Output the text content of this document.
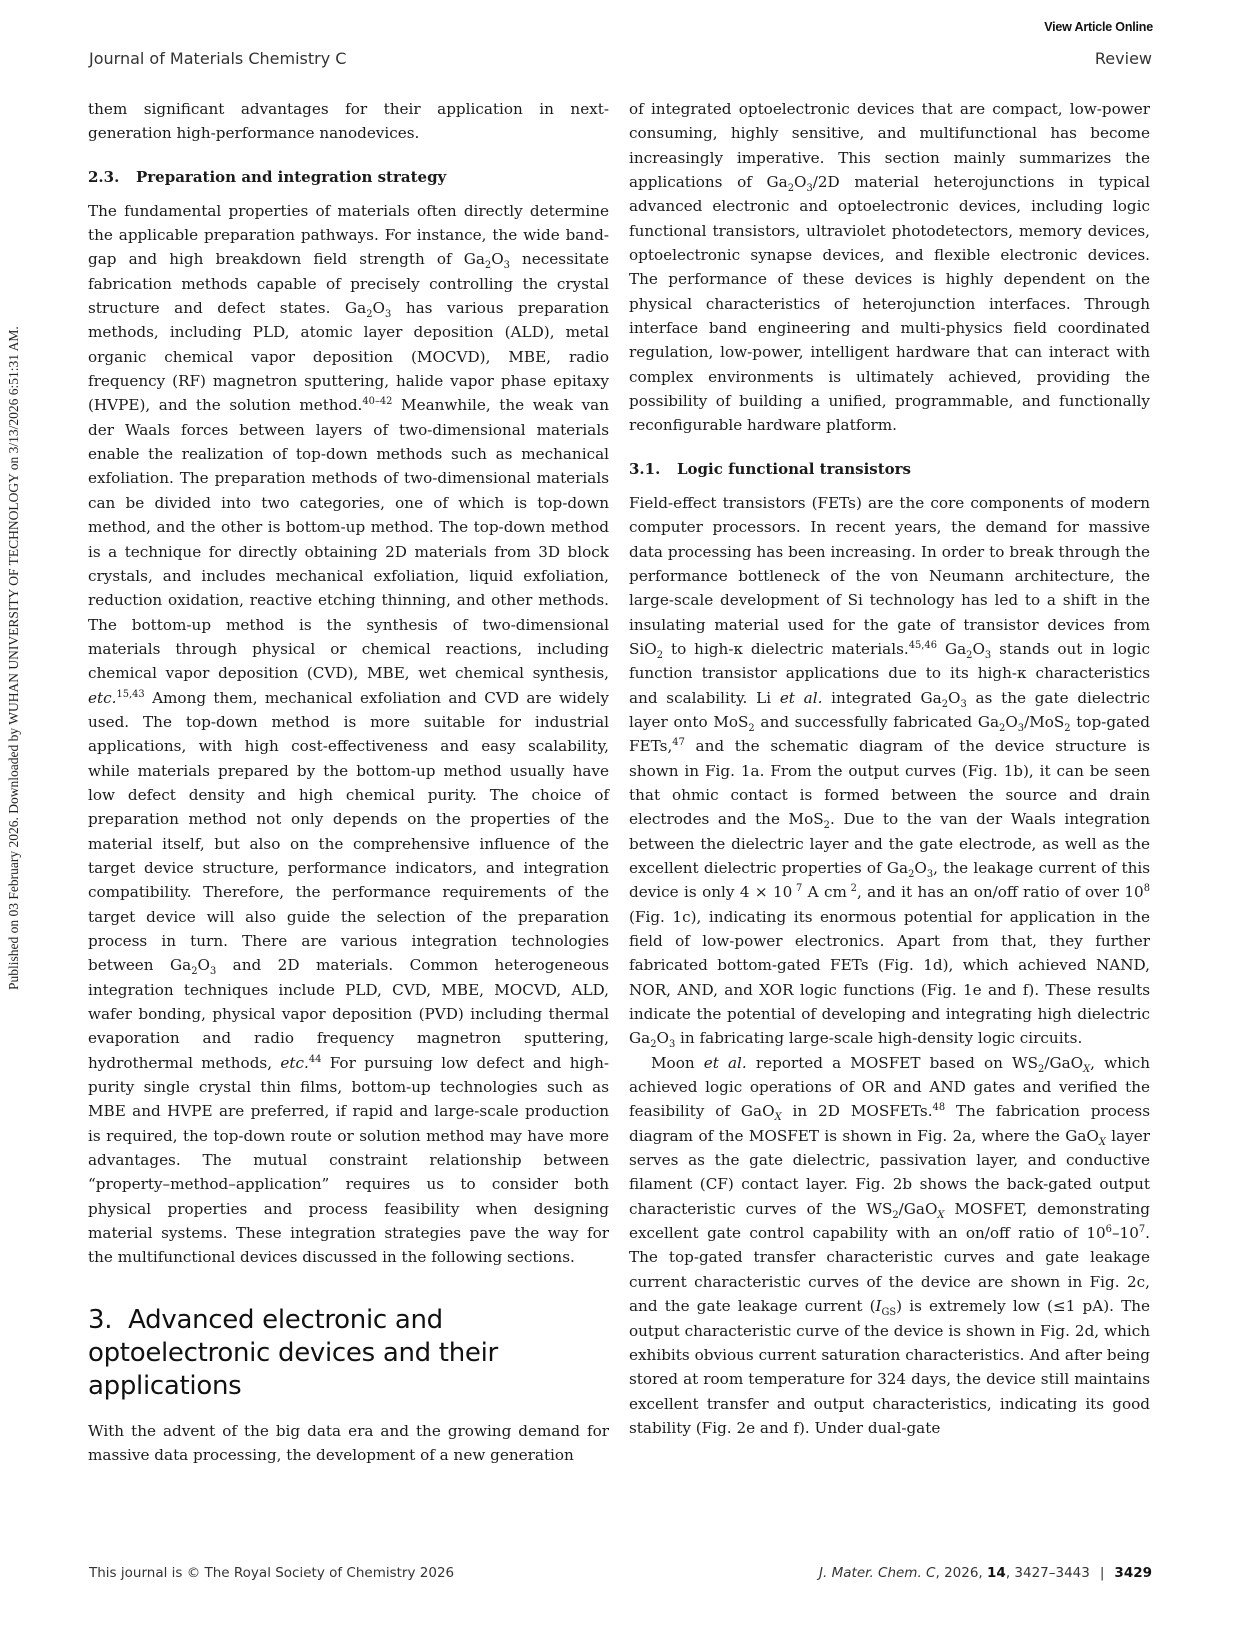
View Article Online
Journal of Materials Chemistry C	Review
Published on 03 February 2026. Downloaded by WUHAN UNIVERSITY OF TECHNOLOGY on 3/13/2026 6:51:31 AM.

them significant advantages for their application in next-generation high-performance nanodevices.

2.3. Preparation and integration strategy

The fundamental properties of materials often directly determine the applicable preparation pathways. For instance, the wide band-gap and high breakdown field strength of $Ga_2O_3$ necessitate fabrication methods capable of precisely controlling the crystal structure and defect states. $Ga_2O_3$ has various preparation methods, including PLD, atomic layer deposition (ALD), metal organic chemical vapor deposition (MOCVD), MBE, radio frequency (RF) magnetron sputtering, halide vapor phase epitaxy (HVPE), and the solution method.$^{40-42}$ Meanwhile, the weak van der Waals forces between layers of two-dimensional materials enable the realization of top-down methods such as mechanical exfoliation. The preparation methods of two-dimensional materials can be divided into two categories, one of which is top-down method, and the other is bottom-up method. The top-down method is a technique for directly obtaining 2D materials from 3D block crystals, and includes mechanical exfoliation, liquid exfoliation, reduction oxidation, reactive etching thinning, and other methods. The bottom-up method is the synthesis of two-dimensional materials through physical or chemical reactions, including chemical vapor deposition (CVD), MBE, wet chemical synthesis, etc.$^{15,43}$ Among them, mechanical exfoliation and CVD are widely used. The top-down method is more suitable for industrial applications, with high cost-effectiveness and easy scalability, while materials prepared by the bottom-up method usually have low defect density and high chemical purity. The choice of preparation method not only depends on the properties of the material itself, but also on the comprehensive influence of the target device structure, performance indicators, and integration compatibility. Therefore, the performance requirements of the target device will also guide the selection of the preparation process in turn. There are various integration technologies between $Ga_2O_3$ and 2D materials. Common heterogeneous integration techniques include PLD, CVD, MBE, MOCVD, ALD, wafer bonding, physical vapor deposition (PVD) including thermal evaporation and radio frequency magnetron sputtering, hydrothermal methods, etc.$^{44}$ For pursuing low defect and high-purity single crystal thin films, bottom-up technologies such as MBE and HVPE are preferred, if rapid and large-scale production is required, the top-down route or solution method may have more advantages. The mutual constraint relationship between “property–method–application” requires us to consider both physical properties and process feasibility when designing material systems. These integration strategies pave the way for the multifunctional devices discussed in the following sections.

3. Advanced electronic and optoelectronic devices and their applications

With the advent of the big data era and the growing demand for massive data processing, the development of a new generation

of integrated optoelectronic devices that are compact, low-power consuming, highly sensitive, and multifunctional has become increasingly imperative. This section mainly summarizes the applications of $Ga_2O_3/2D$ material heterojunctions in typical advanced electronic and optoelectronic devices, including logic functional transistors, ultraviolet photodetectors, memory devices, optoelectronic synapse devices, and flexible electronic devices. The performance of these devices is highly dependent on the physical characteristics of heterojunction interfaces. Through interface band engineering and multi-physics field coordinated regulation, low-power, intelligent hardware that can interact with complex environments is ultimately achieved, providing the possibility of building a unified, programmable, and functionally reconfigurable hardware platform.

3.1. Logic functional transistors

Field-effect transistors (FETs) are the core components of modern computer processors. In recent years, the demand for massive data processing has been increasing. In order to break through the performance bottleneck of the von Neumann architecture, the large-scale development of Si technology has led to a shift in the insulating material used for the gate of transistor devices from SiO$_2$ to high-κ dielectric materials.$^{45,46}$ $Ga_2O_3$ stands out in logic function transistor applications due to its high-κ characteristics and scalability. Li et al. integrated $Ga_2O_3$ as the gate dielectric layer onto MoS$_2$ and successfully fabricated $Ga_2O_3/MoS_2$ top-gated FETs,$^{47}$ and the schematic diagram of the device structure is shown in Fig. 1a. From the output curves (Fig. 1b), it can be seen that ohmic contact is formed between the source and drain electrodes and the MoS$_2$. Due to the van der Waals integration between the dielectric layer and the gate electrode, as well as the excellent dielectric properties of $Ga_2O_3$, the leakage current of this device is only 4 × 10 $^7$ A cm $^2$, and it has an on/off ratio of over $10^8$ (Fig. 1c), indicating its enormous potential for application in the field of low-power electronics. Apart from that, they further fabricated bottom-gated FETs (Fig. 1d), which achieved NAND, NOR, AND, and XOR logic functions (Fig. 1e and f). These results indicate the potential of developing and integrating high dielectric $Ga_2O_3$ in fabricating large-scale high-density logic circuits.

Moon et al. reported a MOSFET based on $WS_2/GaO_X$, which achieved logic operations of OR and AND gates and verified the feasibility of GaO$_X$ in 2D MOSFETs.$^{48}$ The fabrication process diagram of the MOSFET is shown in Fig. 2a, where the GaO$_X$ layer serves as the gate dielectric, passivation layer, and conductive filament (CF) contact layer. Fig. 2b shows the back-gated output characteristic curves of the $WS_2/GaO_X$ MOSFET, demonstrating excellent gate control capability with an on/off ratio of $10^6-10^7$. The top-gated transfer characteristic curves and gate leakage current characteristic curves of the device are shown in Fig. 2c, and the gate leakage current $(I_{GS})$ is extremely low (≤1 pA). The output characteristic curve of the device is shown in Fig. 2d, which exhibits obvious current saturation characteristics. And after being stored at room temperature for 324 days, the device still maintains excellent transfer and output characteristics, indicating its good stability (Fig. 2e and f). Under dual-gate

This journal is © The Royal Society of Chemistry 2026	J. Mater. Chem. C, 2026, 14, 3427–3443 | 3429
